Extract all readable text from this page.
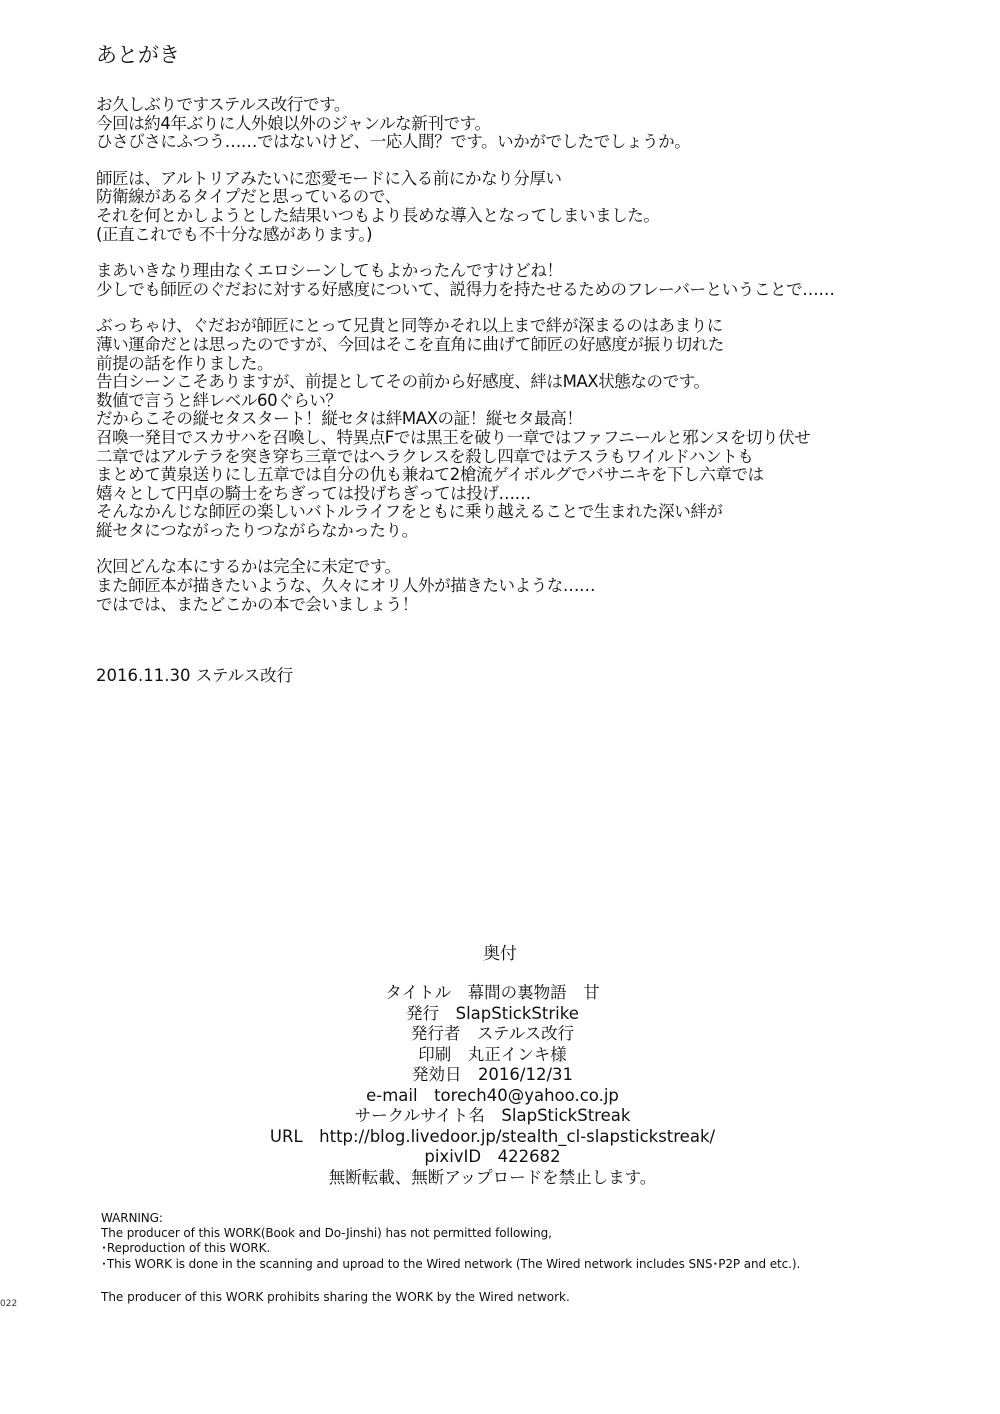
あとがき

お久しぶりですステルス改行です。
今回は約4年ぶりに人外娘以外のジャンルな新刊です。
ひさびさにふつう……ではないけど、一応人間？です。いかがでしたでしょうか。

師匠は、アルトリアみたいに恋愛モードに入る前にかなり分厚い
防衛線があるタイプだと思っているので、
それを何とかしようとした結果いつもより長めな導入となってしまいました。
(正直これでも不十分な感があります。)

まあいきなり理由なくエロシーンしてもよかったんですけどね！
少しでも師匠のぐだおに対する好感度について、説得力を持たせるためのフレーバーということで……

ぶっちゃけ、ぐだおが師匠にとって兄貴と同等かそれ以上まで絆が深まるのはあまりに
薄い運命だとは思ったのですが、今回はそこを直角に曲げて師匠の好感度が振り切れた
前提の話を作りました。
告白シーンこそありますが、前提としてその前から好感度、絆はMAX状態なのです。
数値で言うと絆レベル60ぐらい？
だからこその縦セタスタート！縦セタは絆MAXの証！縦セタ最高！
召喚一発目でスカサハを召喚し、特異点Fでは黒王を破り一章ではファフニールと邪ンヌを切り伏せ
二章ではアルテラを突き穿ち三章ではヘラクレスを殺し四章ではテスラもワイルドハントも
まとめて黄泉送りにし五章では自分の仇も兼ねて2槍流ゲイボルグでバサニキを下し六章では
嬉々として円卓の騎士をちぎっては投げちぎっては投げ……
そんなかんじな師匠の楽しいバトルライフをともに乗り越えることで生まれた深い絆が
縦セタにつながったりつながらなかったり。

次回どんな本にするかは完全に未定です。
また師匠本が描きたいような、久々にオリ人外が描きたいような……
ではでは、またどこかの本で会いましょう！

2016.11.30 ステルス改行
奥付
タイトル　幕間の裏物語　甘
発行　SlapStickStrike
発行者　ステルス改行
印刷　丸正インキ様
発効日　2016/12/31
e-mail　torech40@yahoo.co.jp
サークルサイト名　SlapStickStreak
URL　http://blog.livedoor.jp/stealth_cl-slapstickstreak/
pixivID　422682
無断転載、無断アップロードを禁止します。
WARNING:
The producer of this WORK(Book and Do-Jinshi) has not permitted following,
･Reproduction of this WORK.
･This WORK is done in the scanning and uproad to the Wired network (The Wired network includes SNS･P2P and etc.).
The producer of this WORK prohibits sharing the WORK by the Wired network.
022
